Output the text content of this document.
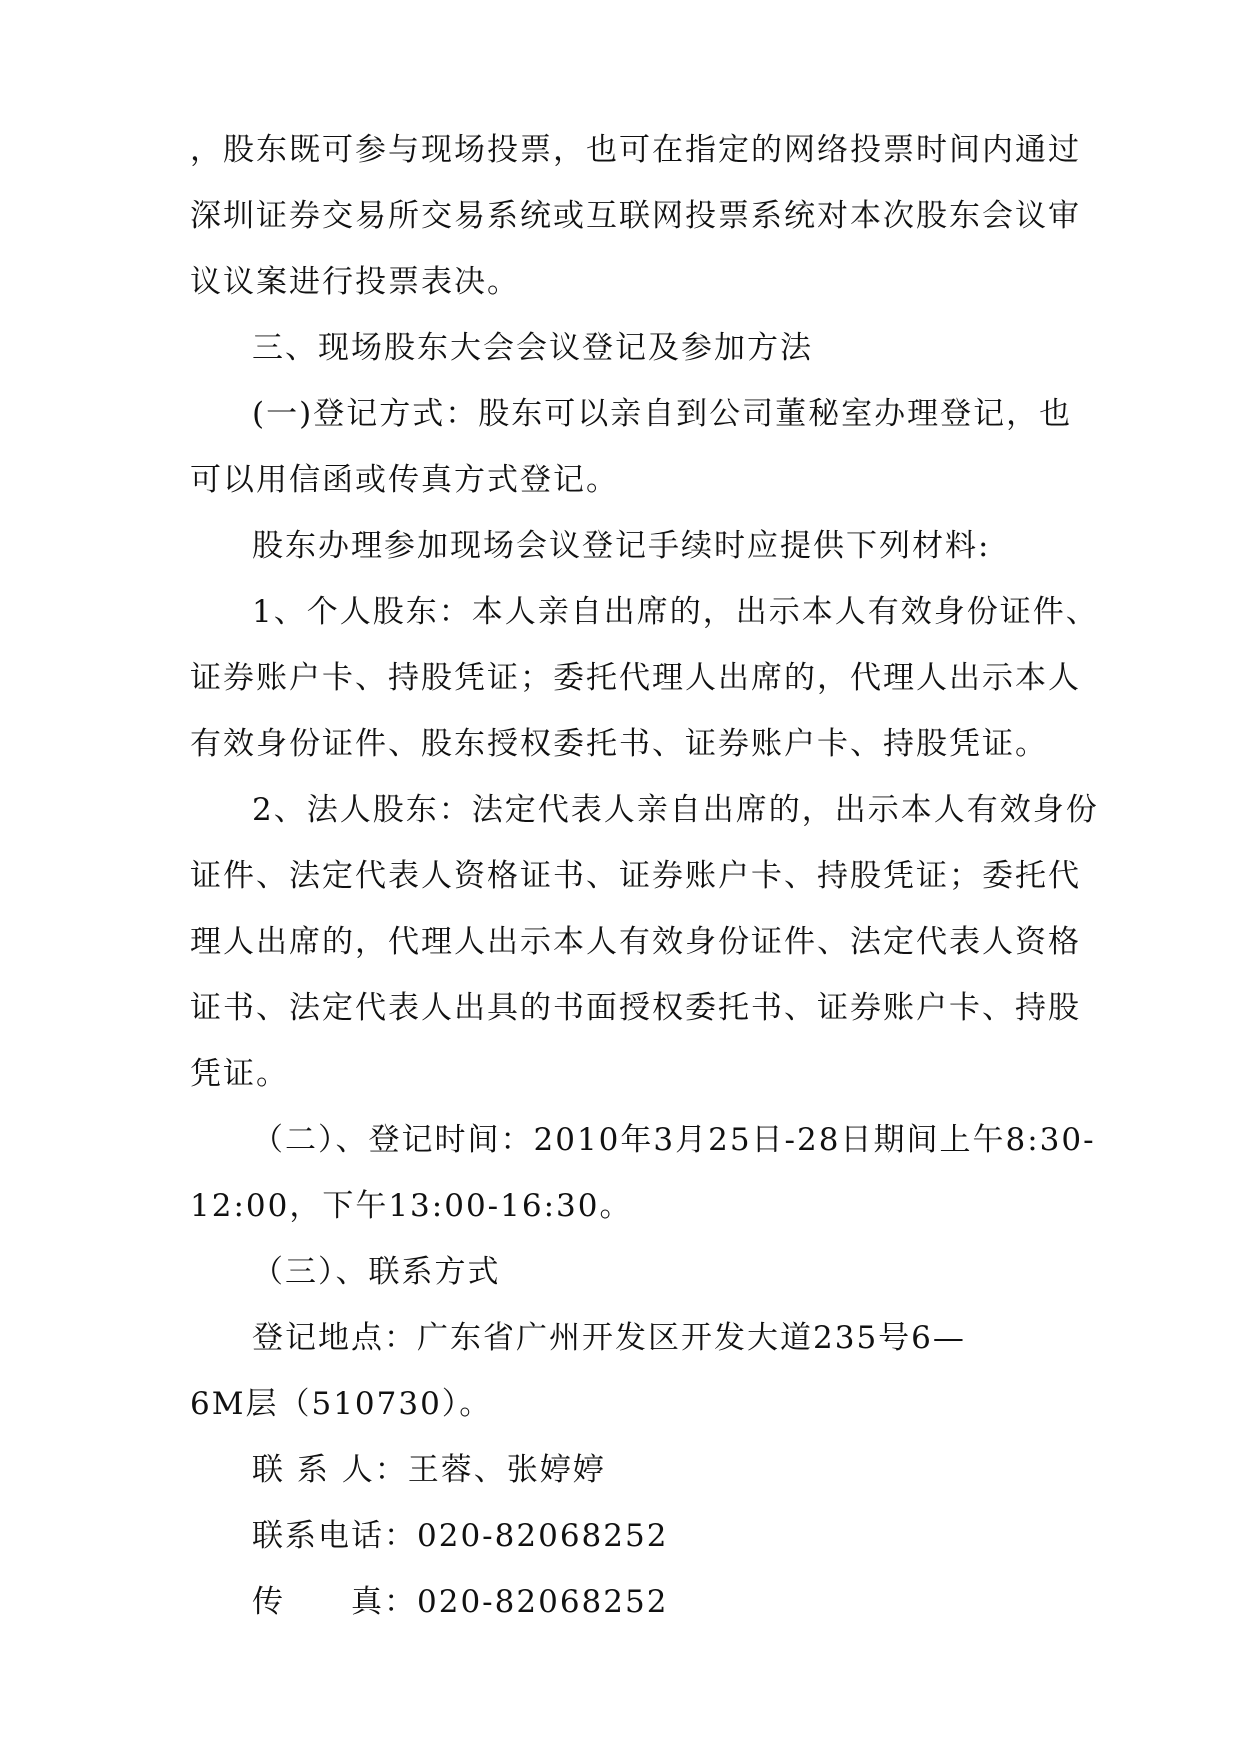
，股东既可参与现场投票，也可在指定的网络投票时间内通过

深圳证券交易所交易系统或互联网投票系统对本次股东会议审

议议案进行投票表决。

三、现场股东大会会议登记及参加方法

(一)登记方式：股东可以亲自到公司董秘室办理登记，也

可以用信函或传真方式登记。

股东办理参加现场会议登记手续时应提供下列材料:

1、个人股东：本人亲自出席的，出示本人有效身份证件、

证券账户卡、持股凭证；委托代理人出席的，代理人出示本人

有效身份证件、股东授权委托书、证券账户卡、持股凭证。

2、法人股东：法定代表人亲自出席的，出示本人有效身份

证件、法定代表人资格证书、证券账户卡、持股凭证；委托代

理人出席的，代理人出示本人有效身份证件、法定代表人资格

证书、法定代表人出具的书面授权委托书、证券账户卡、持股

凭证。

（二）、登记时间：2010年3月25日-28日期间上午8:30-

12:00，下午13:00-16:30。

（三）、联系方式

登记地点：广东省广州开发区开发大道235号6—

6M层（510730）。

联 系 人：王蓉、张婷婷

联系电话：020-82068252

传　　真：020-82068252
